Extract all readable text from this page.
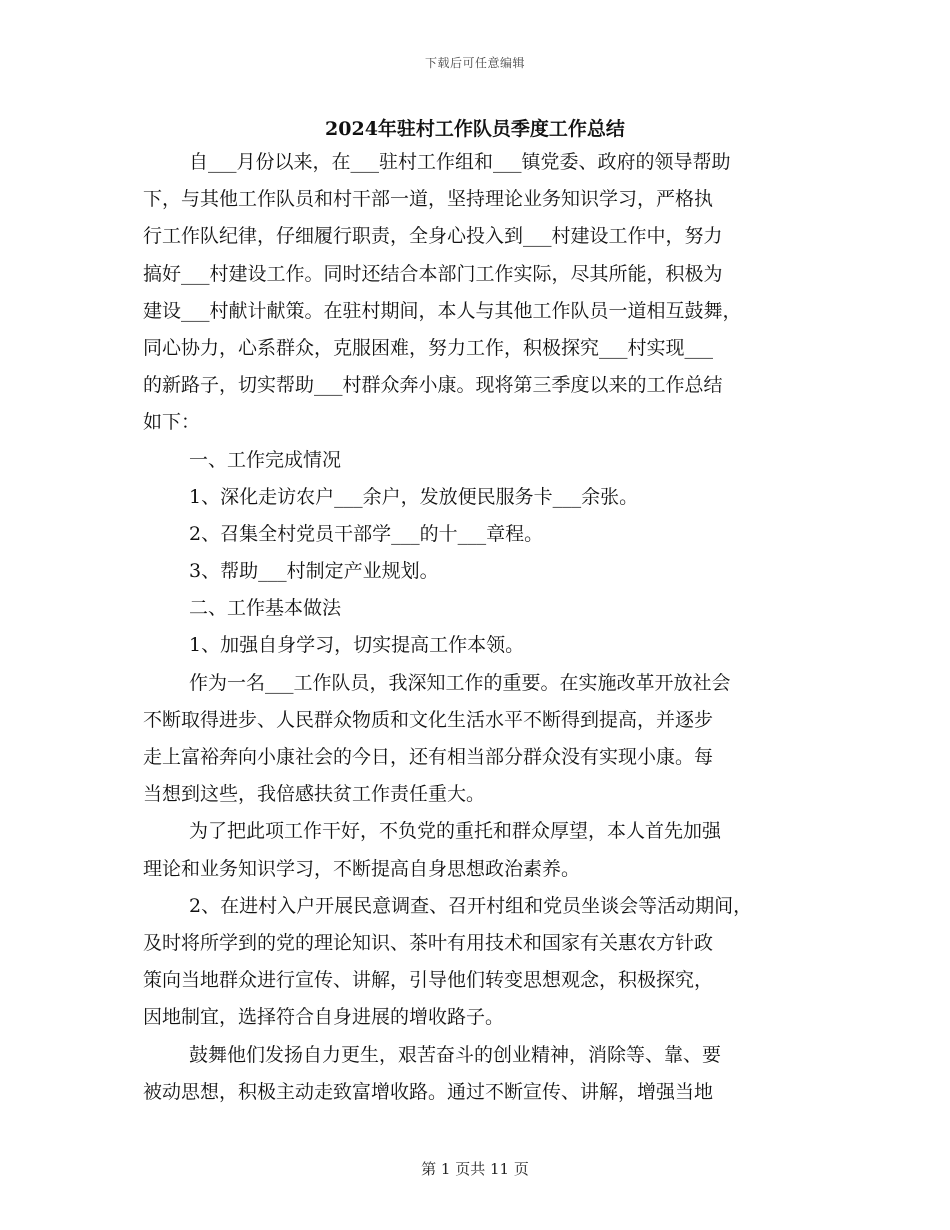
下载后可任意编辑
2024年驻村工作队员季度工作总结
自___月份以来，在___驻村工作组和___镇党委、政府的领导帮助
下，与其他工作队员和村干部一道，坚持理论业务知识学习，严格执
行工作队纪律，仔细履行职责，全身心投入到___村建设工作中，努力
搞好___村建设工作。同时还结合本部门工作实际，尽其所能，积极为
建设___村献计献策。在驻村期间，本人与其他工作队员一道相互鼓舞，
同心协力，心系群众，克服困难，努力工作，积极探究___村实现___
的新路子，切实帮助___村群众奔小康。现将第三季度以来的工作总结
如下：
一、工作完成情况
1、深化走访农户___余户，发放便民服务卡___余张。
2、召集全村党员干部学___的十___章程。
3、帮助___村制定产业规划。
二、工作基本做法
1、加强自身学习，切实提高工作本领。
作为一名___工作队员，我深知工作的重要。在实施改革开放社会
不断取得进步、人民群众物质和文化生活水平不断得到提高，并逐步
走上富裕奔向小康社会的今日，还有相当部分群众没有实现小康。每
当想到这些，我倍感扶贫工作责任重大。
为了把此项工作干好，不负党的重托和群众厚望，本人首先加强
理论和业务知识学习，不断提高自身思想政治素养。
2、在进村入户开展民意调查、召开村组和党员坐谈会等活动期间，
及时将所学到的党的理论知识、茶叶有用技术和国家有关惠农方针政
策向当地群众进行宣传、讲解，引导他们转变思想观念，积极探究，
因地制宜，选择符合自身进展的增收路子。
鼓舞他们发扬自力更生，艰苦奋斗的创业精神，消除等、靠、要
被动思想，积极主动走致富增收路。通过不断宣传、讲解，增强当地
第 1 页共 11 页
